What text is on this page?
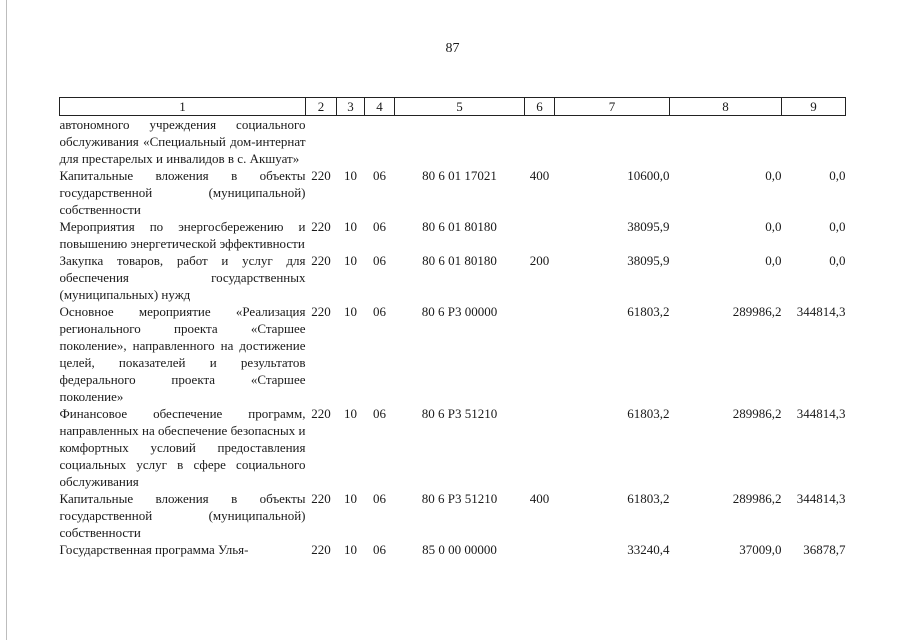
87
1	2	3	4	5	6	7	8	9
автономного учреждения социального обслуживания «Специальный дом-интернат для престарелых и инвалидов в с. Акшуат»								
Капитальные вложения в объекты государственной (муниципальной) собственности	220	10	06	80 6 01 17021	400	10600,0	0,0	0,0
Мероприятия по энергосбережению и повышению энергетической эффективности	220	10	06	80 6 01 80180		38095,9	0,0	0,0
Закупка товаров, работ и услуг для обеспечения государственных (муниципальных) нужд	220	10	06	80 6 01 80180	200	38095,9	0,0	0,0
Основное мероприятие «Реализация регионального проекта «Старшее поколение», направленного на достижение целей, показателей и результатов федерального проекта «Старшее поколение»	220	10	06	80 6 P3 00000		61803,2	289986,2	344814,3
Финансовое обеспечение программ, направленных на обеспечение безопасных и комфортных условий предоставления социальных услуг в сфере социального обслуживания	220	10	06	80 6 P3 51210		61803,2	289986,2	344814,3
Капитальные вложения в объекты государственной (муниципальной) собственности	220	10	06	80 6 P3 51210	400	61803,2	289986,2	344814,3
Государственная программа Улья-	220	10	06	85 0 00 00000		33240,4	37009,0	36878,7
